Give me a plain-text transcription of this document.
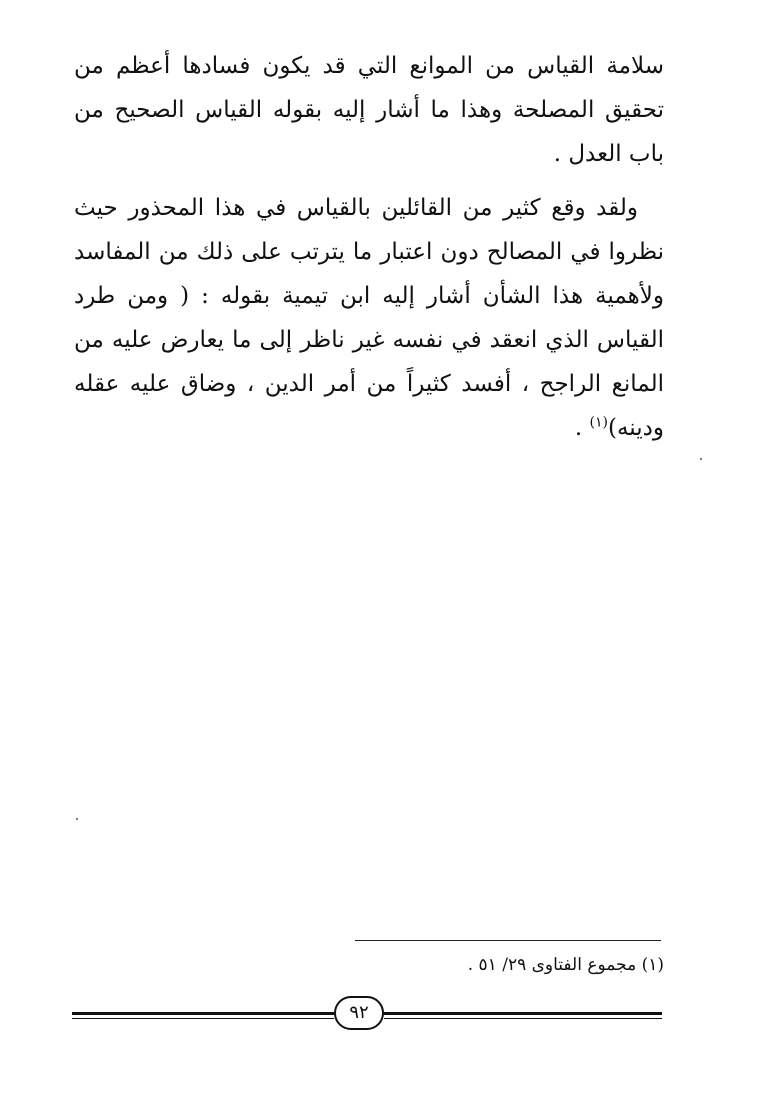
سلامة القياس من الموانع التي قد يكون فسادها أعظم من تحقيق المصلحة وهذا ما أشار إليه بقوله القياس الصحيح من باب العدل .

ولقد وقع كثير من القائلين بالقياس في هذا المحذور حيث نظروا في المصالح دون اعتبار ما يترتب على ذلك من المفاسد ولأهمية هذا الشأن أشار إليه ابن تيمية بقوله : ( ومن طرد القياس الذي انعقد في نفسه غير ناظر إلى ما يعارض عليه من المانع الراجح ، أفسد كثيراً من أمر الدين ، وضاق عليه عقله ودينه)$^{(١)}$ .

(١) مجموع الفتاوى ٢٩/ ٥١ .
٩٢
